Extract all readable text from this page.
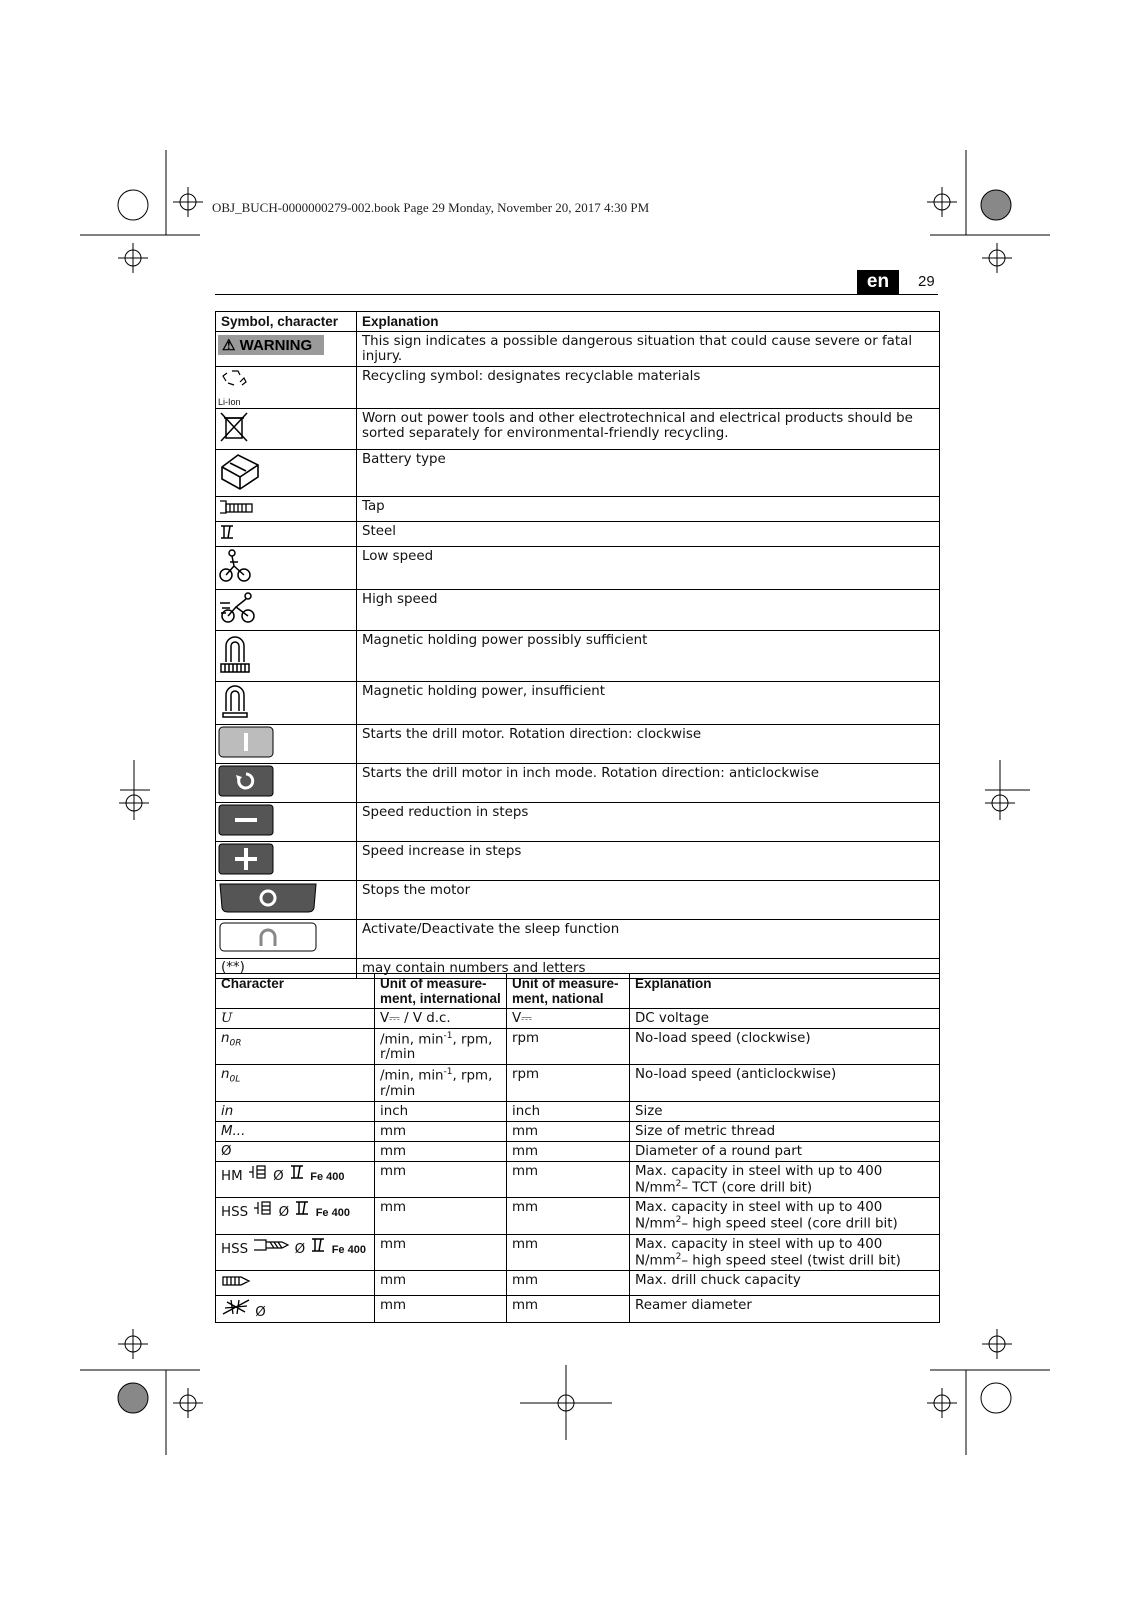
OBJ_BUCH-0000000279-002.book Page 29 Monday, November 20, 2017 4:30 PM
en	29
Symbol, character	Explanation
⚠ WARNING	This sign indicates a possible dangerous situation that could cause severe or fatal injury.

Li-Ion	Recycling symbol: designates recyclable materials
	Worn out power tools and other electrotechnical and electrical products should be sorted separately for environmental-friendly recycling.
	Battery type
	Tap
	Steel
	Low speed
	High speed
	Magnetic holding power possibly sufficient
	Magnetic holding power, insufficient
	Starts the drill motor. Rotation direction: clockwise
	Starts the drill motor in inch mode. Rotation direction: anticlockwise
	Speed reduction in steps
	Speed increase in steps
	Stops the motor
	Activate/Deactivate the sleep function
(**)	may contain numbers and letters
Character	Unit of measure-ment, international	Unit of measure-ment, national	Explanation
U	V⎓ / V d.c.	V⎓	DC voltage
$n_{0R}$	/min, $\min^{-1}$, rpm, r/min	rpm	No-load speed (clockwise)
$n_{0L}$	/min, $\min^{-1}$, rpm, r/min	rpm	No-load speed (anticlockwise)
in	inch	inch	Size
M...	mm	mm	Size of metric thread
Ø	mm	mm	Diameter of a round part
HM Ø Fe 400	mm	mm	Max. capacity in steel with up to 400 $N/mm^2-$ TCT (core drill bit)
HSS Ø Fe 400	mm	mm	Max. capacity in steel with up to 400 $N/mm^2-$ high speed steel (core drill bit)
HSS Ø Fe 400	mm	mm	Max. capacity in steel with up to 400 $N/mm^2-$ high speed steel (twist drill bit)
	mm	mm	Max. drill chuck capacity
Ø	mm	mm	Reamer diameter
